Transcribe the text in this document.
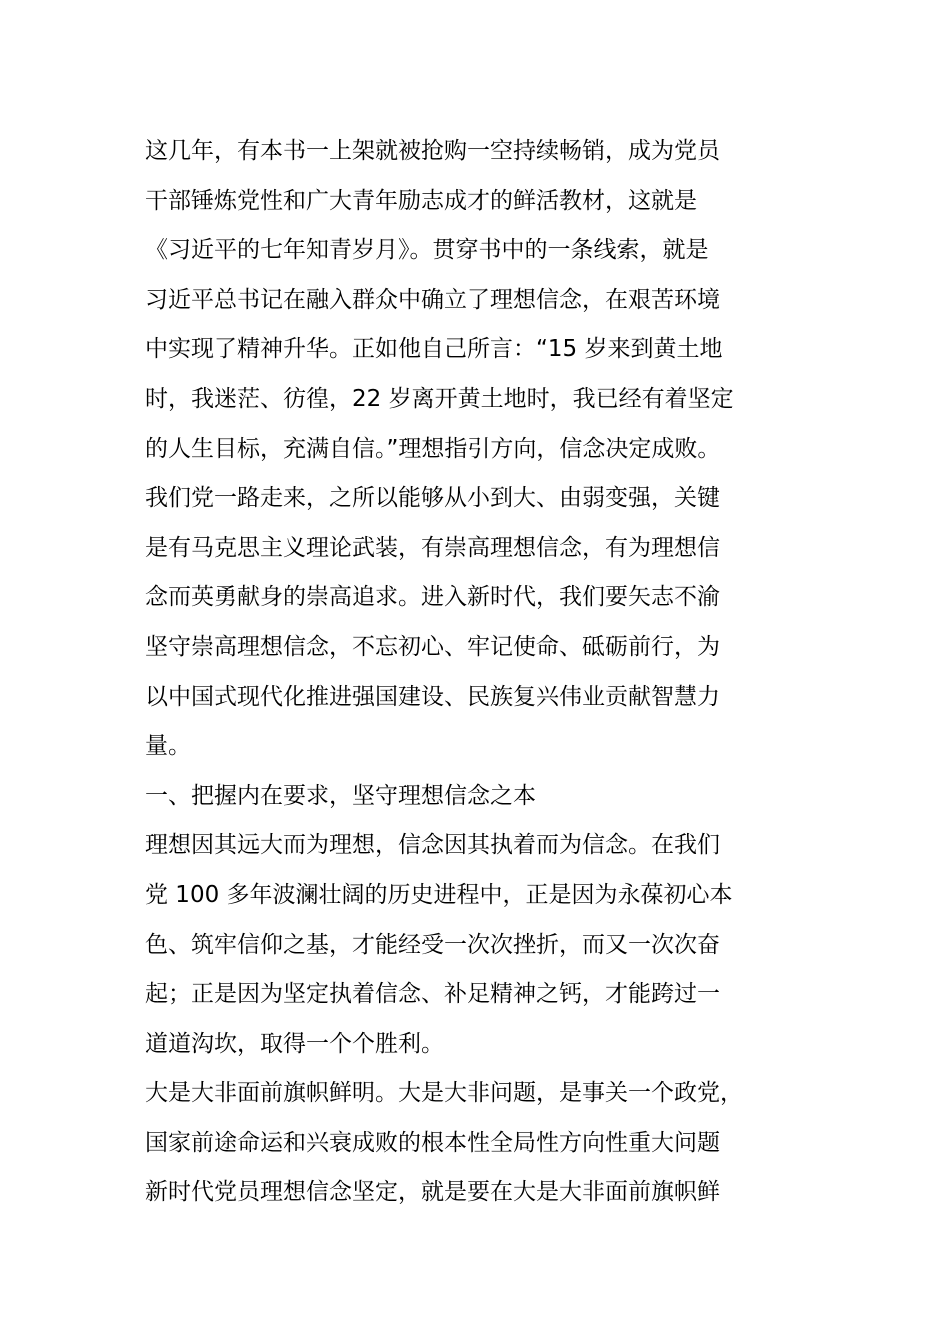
这几年，有本书一上架就被抢购一空持续畅销，成为党员
干部锤炼党性和广大青年励志成才的鲜活教材，这就是
《习近平的七年知青岁月》。贯穿书中的一条线索，就是
习近平总书记在融入群众中确立了理想信念，在艰苦环境
中实现了精神升华。正如他自己所言：“15 岁来到黄土地
时，我迷茫、彷徨，22 岁离开黄土地时，我已经有着坚定
的人生目标，充满自信。”理想指引方向，信念决定成败。
我们党一路走来，之所以能够从小到大、由弱变强，关键
是有马克思主义理论武装，有崇高理想信念，有为理想信
念而英勇献身的崇高追求。进入新时代，我们要矢志不渝
坚守崇高理想信念，不忘初心、牢记使命、砥砺前行，为
以中国式现代化推进强国建设、民族复兴伟业贡献智慧力
量。
一、把握内在要求，坚守理想信念之本
理想因其远大而为理想，信念因其执着而为信念。在我们
党 100 多年波澜壮阔的历史进程中，正是因为永葆初心本
色、筑牢信仰之基，才能经受一次次挫折，而又一次次奋
起；正是因为坚定执着信念、补足精神之钙，才能跨过一
道道沟坎，取得一个个胜利。
大是大非面前旗帜鲜明。大是大非问题，是事关一个政党，
国家前途命运和兴衰成败的根本性全局性方向性重大问题
新时代党员理想信念坚定，就是要在大是大非面前旗帜鲜
